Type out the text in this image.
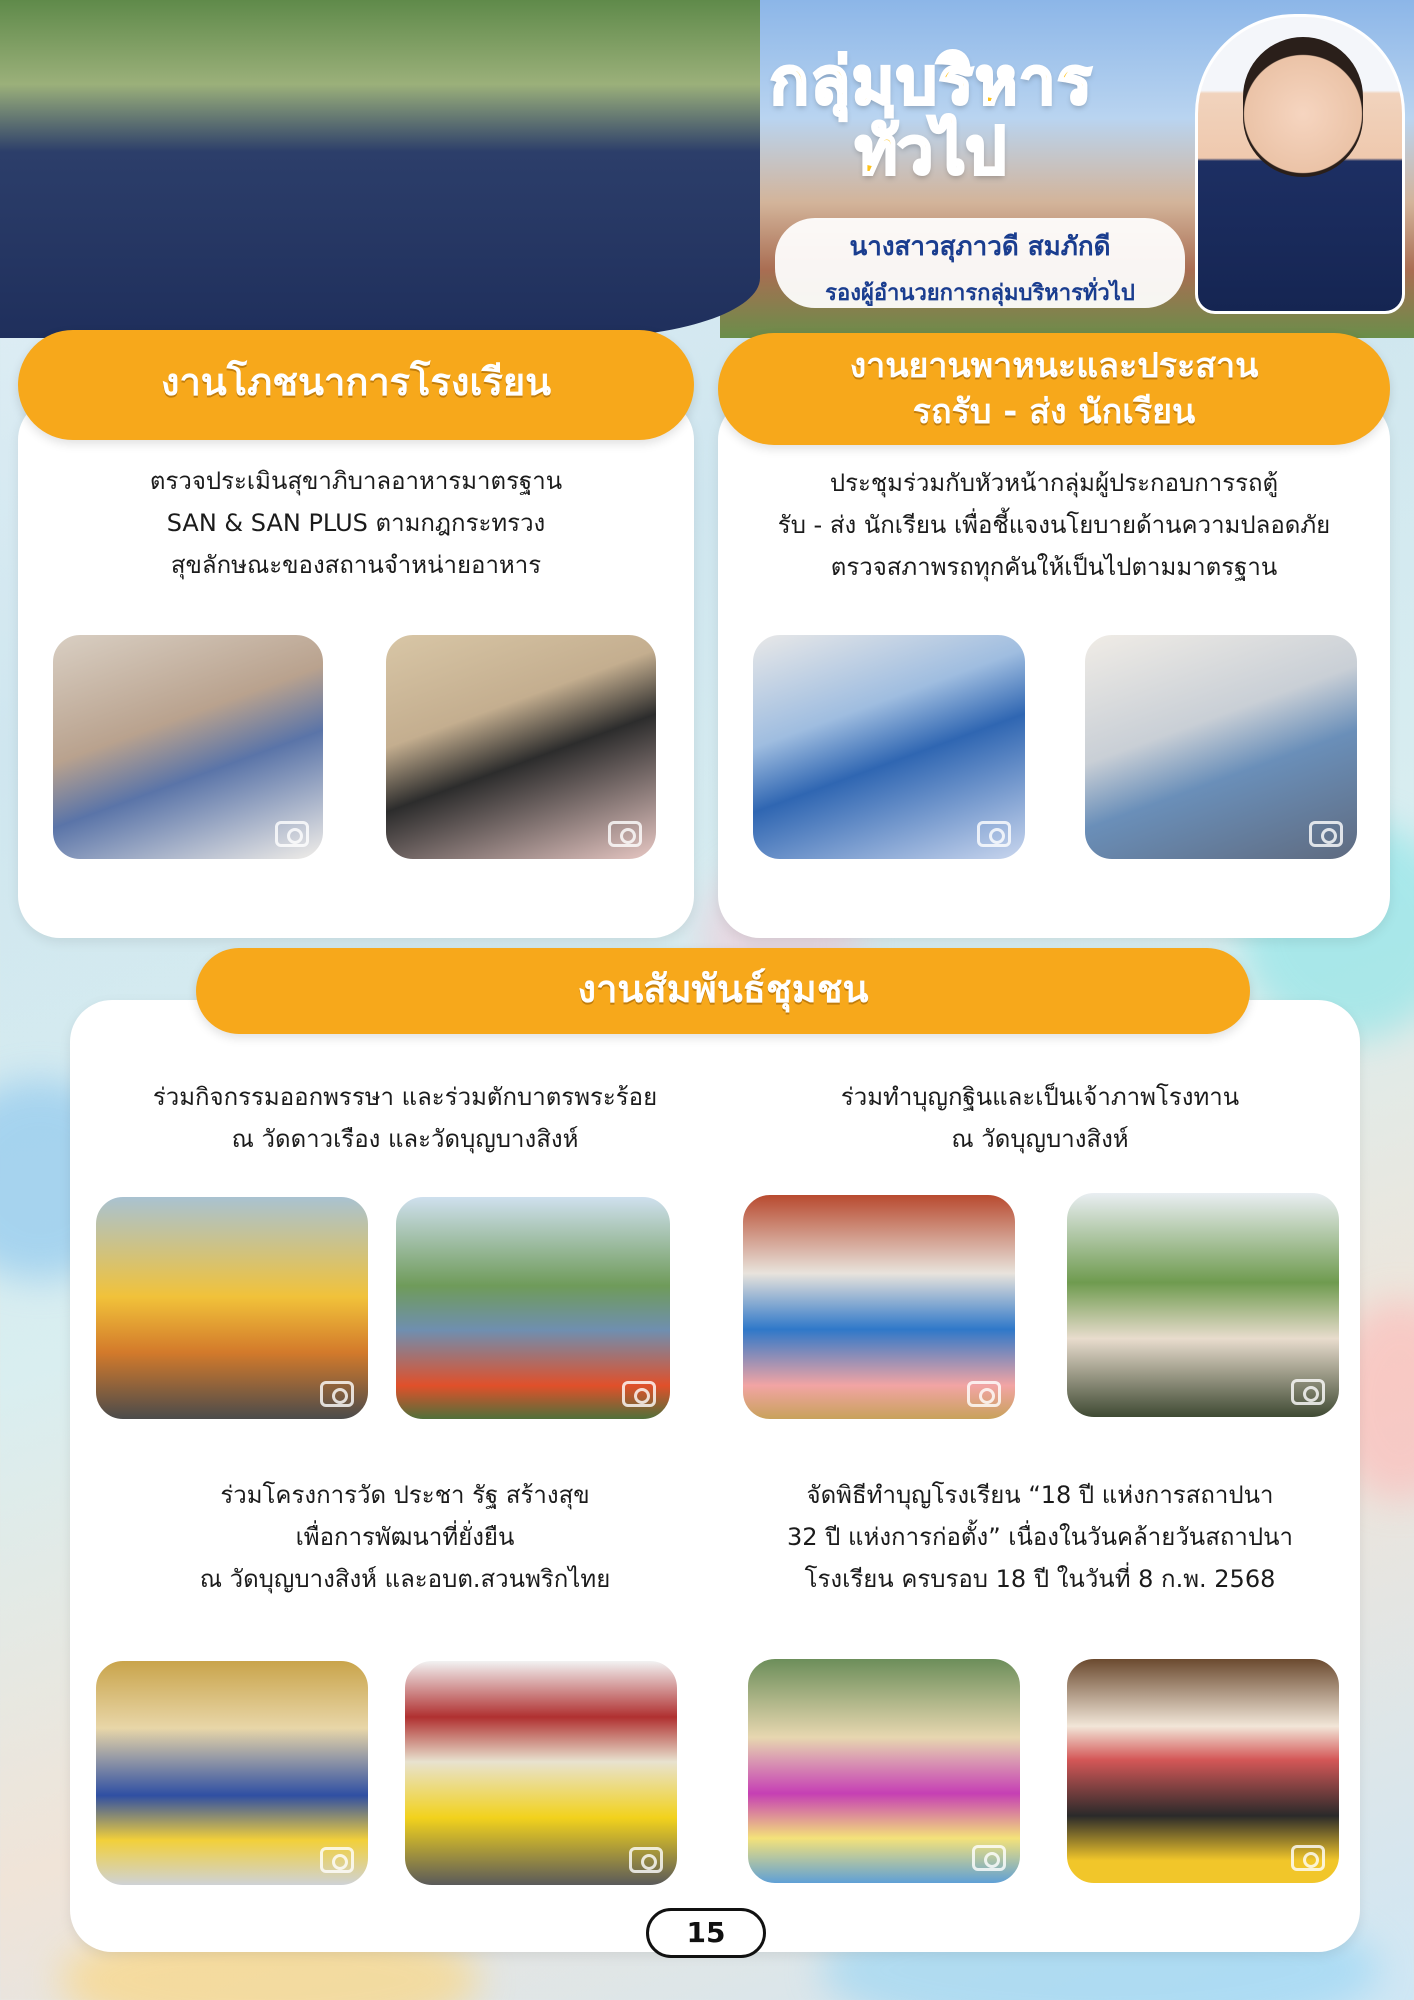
กลุ่มบริหาร
ทั่วไป
นางสาวสุภาวดี สมภักดี
รองผู้อำนวยการกลุ่มบริหารทั่วไป
งานโภชนาการโรงเรียน
ตรวจประเมินสุขาภิบาลอาหารมาตรฐาน
SAN & SAN PLUS ตามกฎกระทรวง
สุขลักษณะของสถานจำหน่ายอาหาร
งานยานพาหนะและประสาน
รถรับ - ส่ง นักเรียน
ประชุมร่วมกับหัวหน้ากลุ่มผู้ประกอบการรถตู้
รับ - ส่ง นักเรียน เพื่อชี้แจงนโยบายด้านความปลอดภัย
ตรวจสภาพรถทุกคันให้เป็นไปตามมาตรฐาน
งานสัมพันธ์ชุมชน
ร่วมกิจกรรมออกพรรษา และร่วมตักบาตรพระร้อย
ณ วัดดาวเรือง และวัดบุญบางสิงห์
ร่วมทำบุญกฐินและเป็นเจ้าภาพโรงทาน
ณ วัดบุญบางสิงห์
ร่วมโครงการวัด ประชา รัฐ สร้างสุข
เพื่อการพัฒนาที่ยั่งยืน
ณ วัดบุญบางสิงห์ และอบต.สวนพริกไทย
จัดพิธีทำบุญโรงเรียน “18 ปี แห่งการสถาปนา
32 ปี แห่งการก่อตั้ง” เนื่องในวันคล้ายวันสถาปนา
โรงเรียน ครบรอบ 18 ปี ในวันที่ 8 ก.พ. 2568
15
